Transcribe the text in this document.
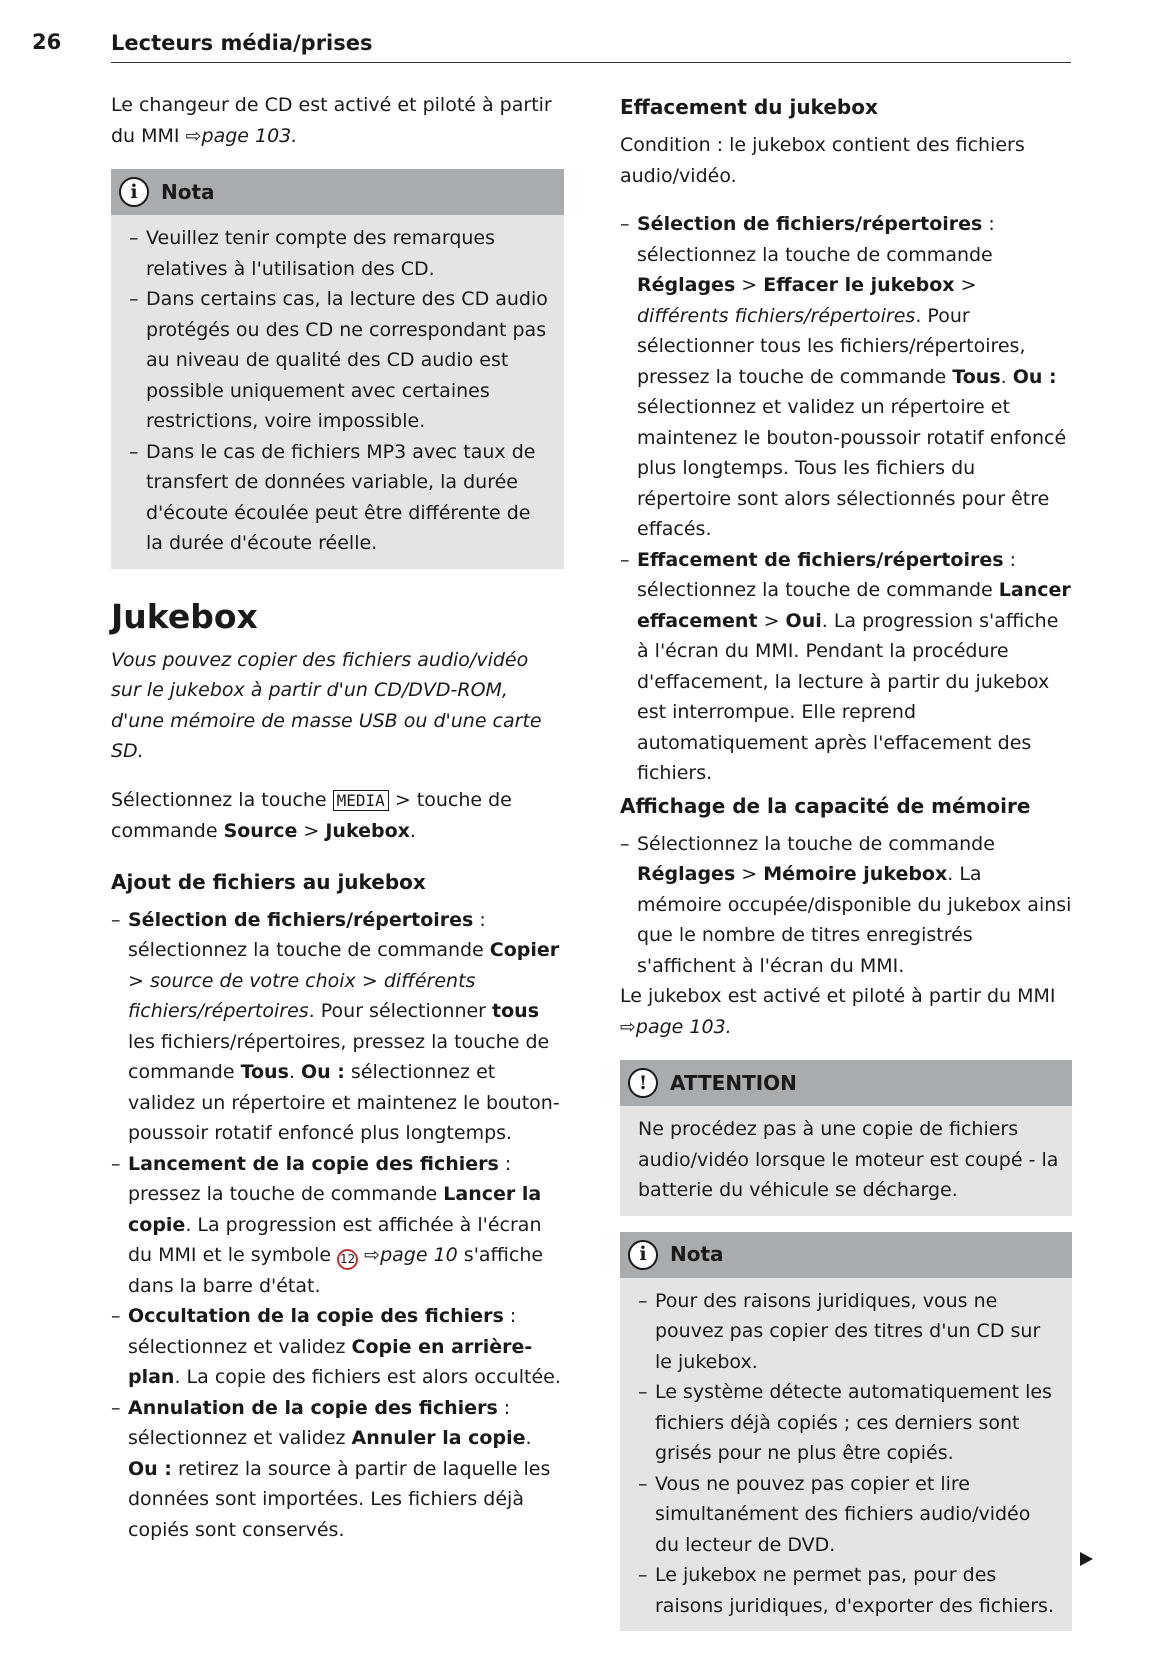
26 Lecteurs média/prises

Le changeur de CD est activé et piloté à partir du MMI ⇨page 103.

i	Nota
– Veuillez tenir compte des remarques relatives à l'utilisation des CD.
– Dans certains cas, la lecture des CD audio protégés ou des CD ne correspondant pas au niveau de qualité des CD audio est possible uniquement avec certaines restrictions, voire impossible.
– Dans le cas de fichiers MP3 avec taux de transfert de données variable, la durée d'écoute écoulée peut être différente de la durée d'écoute réelle.
Jukebox

Vous pouvez copier des fichiers audio/vidéo sur le jukebox à partir d'un CD/DVD-ROM, d'une mémoire de masse USB ou d'une carte SD.

Sélectionnez la touche MEDIA > touche de commande Source > Jukebox.

Ajout de fichiers au jukebox
– Sélection de fichiers/répertoires : sélectionnez la touche de commande Copier > source de votre choix > différents fichiers/répertoires. Pour sélectionner tous les fichiers/répertoires, pressez la touche de commande Tous. Ou : sélectionnez et validez un répertoire et maintenez le bouton-poussoir rotatif enfoncé plus longtemps.
– Lancement de la copie des fichiers : pressez la touche de commande Lancer la copie. La progression est affichée à l'écran du MMI et le symbole 12 ⇨page 10 s'affiche dans la barre d'état.
– Occultation de la copie des fichiers : sélectionnez et validez Copie en arrière-plan. La copie des fichiers est alors occultée.
– Annulation de la copie des fichiers : sélectionnez et validez Annuler la copie. Ou : retirez la source à partir de laquelle les données sont importées. Les fichiers déjà copiés sont conservés.
Effacement du jukebox

Condition : le jukebox contient des fichiers audio/vidéo.

– Sélection de fichiers/répertoires : sélectionnez la touche de commande Réglages > Effacer le jukebox > différents fichiers/répertoires. Pour sélectionner tous les fichiers/répertoires, pressez la touche de commande Tous. Ou : sélectionnez et validez un répertoire et maintenez le bouton-poussoir rotatif enfoncé plus longtemps. Tous les fichiers du répertoire sont alors sélectionnés pour être effacés.
– Effacement de fichiers/répertoires : sélectionnez la touche de commande Lancer effacement > Oui. La progression s'affiche à l'écran du MMI. Pendant la procédure d'effacement, la lecture à partir du jukebox est interrompue. Elle reprend automatiquement après l'effacement des fichiers.
Affichage de la capacité de mémoire
– Sélectionnez la touche de commande Réglages > Mémoire jukebox. La mémoire occupée/disponible du jukebox ainsi que le nombre de titres enregistrés s'affichent à l'écran du MMI.

Le jukebox est activé et piloté à partir du MMI ⇨page 103.

!	ATTENTION

Ne procédez pas à une copie de fichiers audio/vidéo lorsque le moteur est coupé - la batterie du véhicule se décharge.

i	Nota
– Pour des raisons juridiques, vous ne pouvez pas copier des titres d'un CD sur le jukebox.
– Le système détecte automatiquement les fichiers déjà copiés ; ces derniers sont grisés pour ne plus être copiés.
– Vous ne pouvez pas copier et lire simultanément des fichiers audio/vidéo du lecteur de DVD.
– Le jukebox ne permet pas, pour des raisons juridiques, d'exporter des fichiers.
